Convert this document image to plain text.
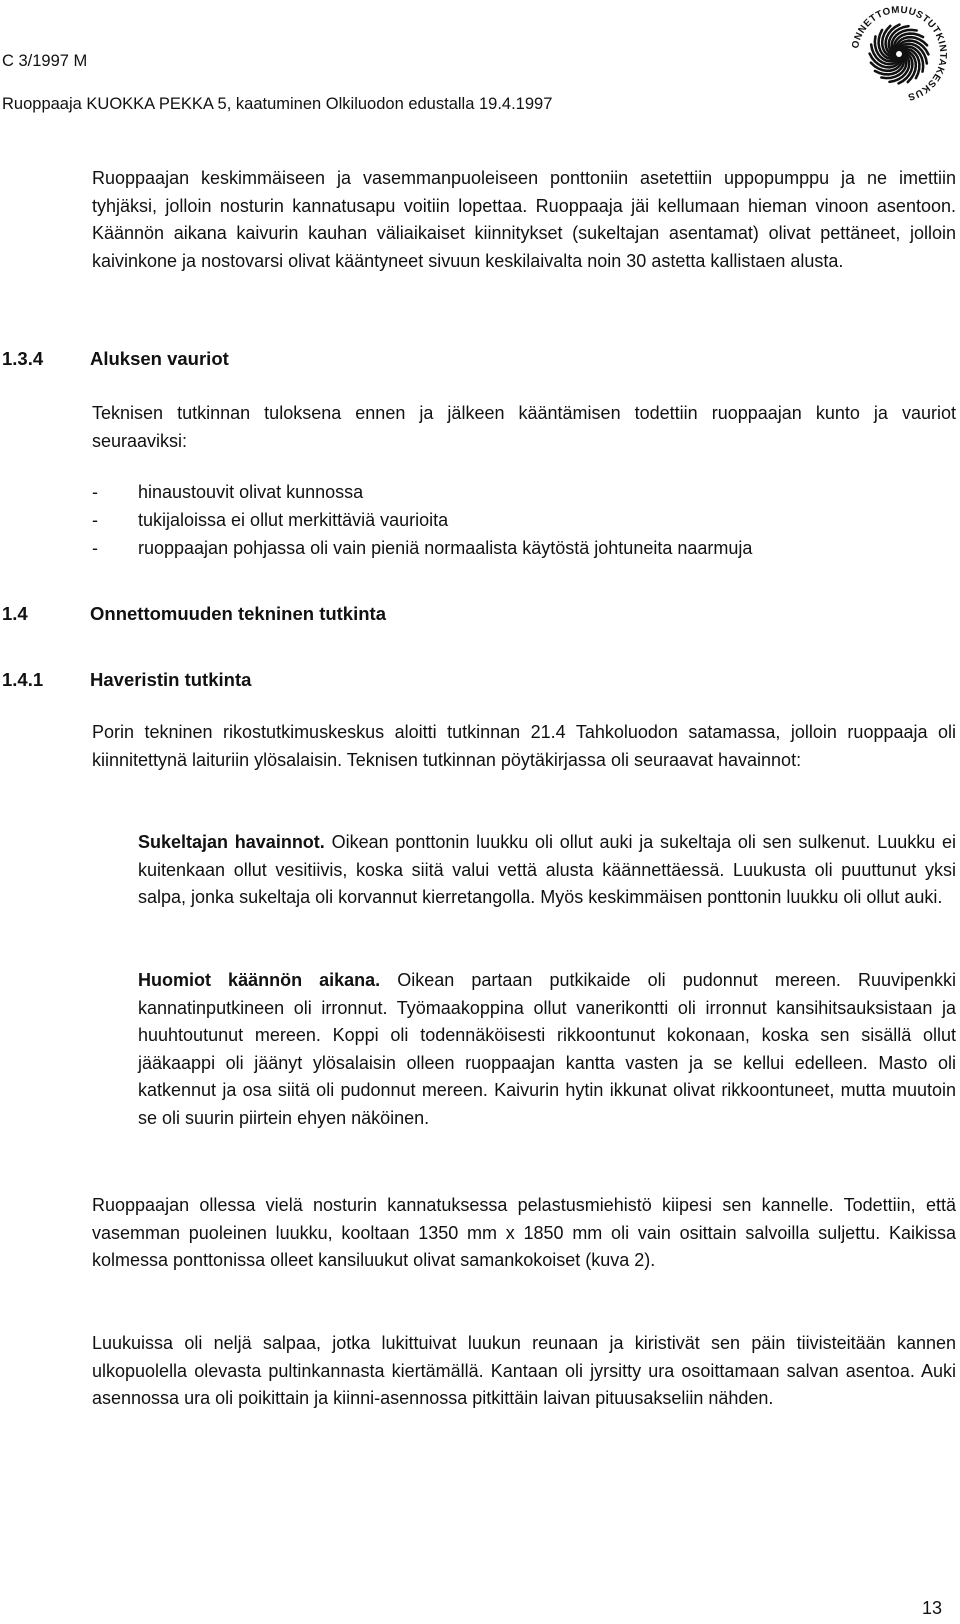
C 3/1997 M
Ruoppaaja KUOKKA PEKKA 5, kaatuminen Olkiluodon edustalla 19.4.1997
ONNETTOMUUSTUTKINTAKESKUS

Ruoppaajan keskimmäiseen ja vasemmanpuoleiseen ponttoniin asetettiin uppopumppu ja ne imettiin tyhjäksi, jolloin nosturin kannatusapu voitiin lopettaa. Ruoppaaja jäi kellumaan hieman vinoon asentoon. Käännön aikana kaivurin kauhan väliaikaiset kiinnitykset (sukeltajan asentamat) olivat pettäneet, jolloin kaivinkone ja nostovarsi olivat kääntyneet sivuun keskilaivalta noin 30 astetta kallistaen alusta.

1.3.4	Aluksen vauriot

Teknisen tutkinnan tuloksena ennen ja jälkeen kääntämisen todettiin ruoppaajan kunto ja vauriot seuraaviksi:

- hinaustouvit olivat kunnossa
- tukijaloissa ei ollut merkittäviä vaurioita
- ruoppaajan pohjassa oli vain pieniä normaalista käytöstä johtuneita naarmuja
1.4	Onnettomuuden tekninen tutkinta
1.4.1	Haveristin tutkinta

Porin tekninen rikostutkimuskeskus aloitti tutkinnan 21.4 Tahkoluodon satamassa, jolloin ruoppaaja oli kiinnitettynä laituriin ylösalaisin. Teknisen tutkinnan pöytäkirjassa oli seuraavat havainnot:

Sukeltajan havainnot. Oikean ponttonin luukku oli ollut auki ja sukeltaja oli sen sulkenut. Luukku ei kuitenkaan ollut vesitiivis, koska siitä valui vettä alusta käännettäessä. Luukusta oli puuttunut yksi salpa, jonka sukeltaja oli korvannut kierretangolla. Myös keskimmäisen ponttonin luukku oli ollut auki.

Huomiot käännön aikana. Oikean partaan putkikaide oli pudonnut mereen. Ruuvipenkki kannatinputkineen oli irronnut. Työmaakoppina ollut vanerikontti oli irronnut kansihitsauksistaan ja huuhtoutunut mereen. Koppi oli todennäköisesti rikkoontunut kokonaan, koska sen sisällä ollut jääkaappi oli jäänyt ylösalaisin olleen ruoppaajan kantta vasten ja se kellui edelleen. Masto oli katkennut ja osa siitä oli pudonnut mereen. Kaivurin hytin ikkunat olivat rikkoontuneet, mutta muutoin se oli suurin piirtein ehyen näköinen.

Ruoppaajan ollessa vielä nosturin kannatuksessa pelastusmiehistö kiipesi sen kannelle. Todettiin, että vasemman puoleinen luukku, kooltaan 1350 mm x 1850 mm oli vain osittain salvoilla suljettu. Kaikissa kolmessa ponttonissa olleet kansiluukut olivat samankokoiset (kuva 2).

Luukuissa oli neljä salpaa, jotka lukittuivat luukun reunaan ja kiristivät sen päin tiivisteitään kannen ulkopuolella olevasta pultinkannasta kiertämällä. Kantaan oli jyrsitty ura osoittamaan salvan asentoa. Auki asennossa ura oli poikittain ja kiinni-asennossa pitkittäin laivan pituusakseliin nähden.

13
